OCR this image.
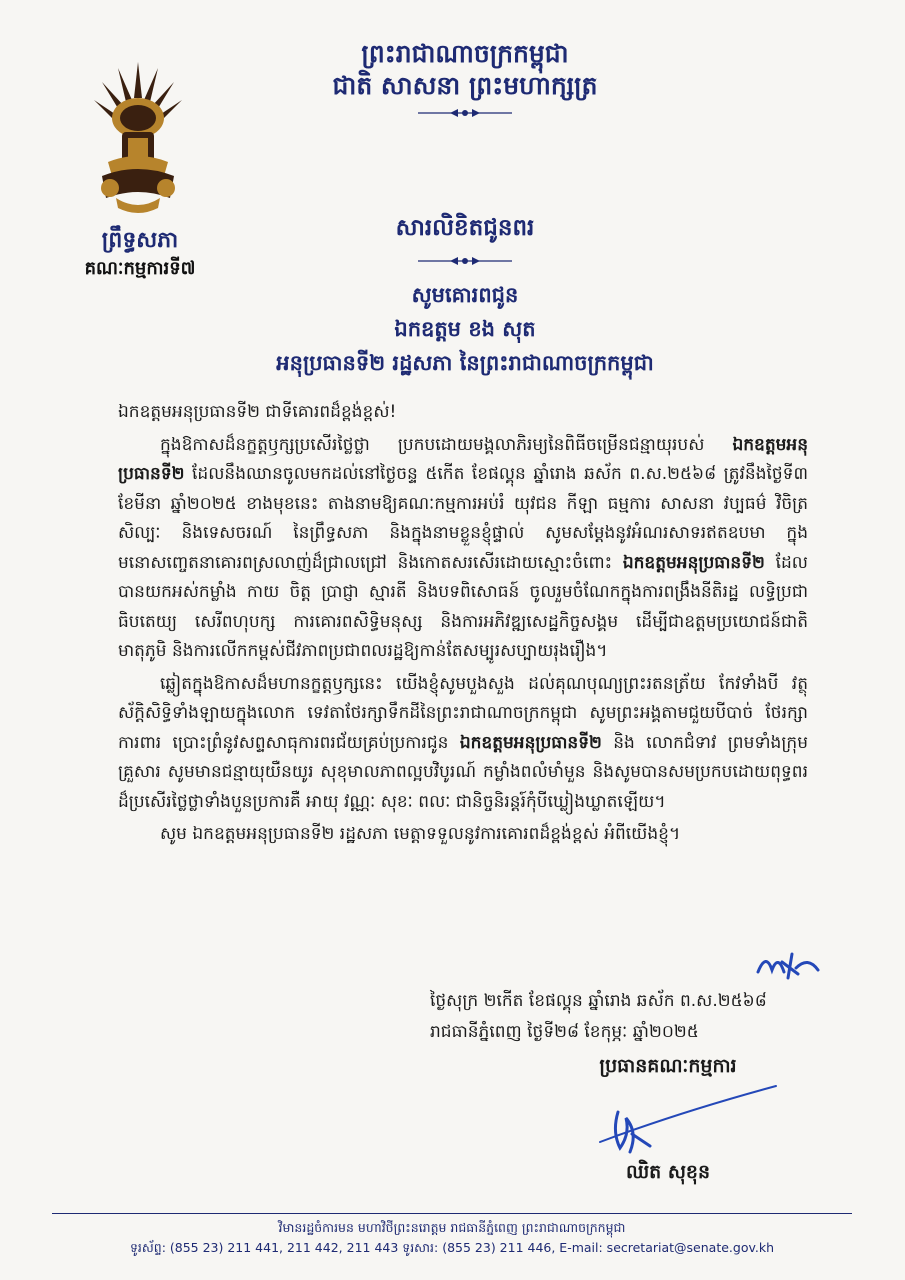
ព្រឹទ្ធសភា
គណៈកម្មការទី៧
ព្រះរាជាណាចក្រកម្ពុជា
ជាតិ សាសនា ព្រះមហាក្សត្រ
សារលិខិតជូនពរ
សូមគោរពជូន
ឯកឧត្តម ខង សុត
អនុប្រធានទី២ រដ្ឋសភា នៃព្រះរាជាណាចក្រកម្ពុជា

ឯកឧត្តមអនុប្រធានទី២ ជាទីគោរពដ៏ខ្ពង់ខ្ពស់!

ក្នុងឱកាសដ៏នក្ខត្តឫក្សប្រសើរថ្លៃថ្លា ប្រកបដោយមង្គលាភិរម្យនៃពិធីចម្រើនជន្មាយុរបស់ ឯកឧត្តមអនុប្រធានទី២ ដែលនឹងឈានចូលមកដល់នៅថ្ងៃចន្ទ ៥កើត ខែផល្គុន ឆ្នាំរោង ឆស័ក ព.ស.២៥៦៨ ត្រូវនឹងថ្ងៃទី៣ ខែមីនា ឆ្នាំ២០២៥ ខាងមុខនេះ តាងនាមឱ្យគណៈកម្មការអប់រំ យុវជន កីឡា ធម្មការ សាសនា វប្បធម៌ វិចិត្រសិល្បៈ និងទេសចរណ៍ នៃព្រឹទ្ធសភា និងក្នុងនាមខ្លួនខ្ញុំផ្ទាល់ សូមសម្តែងនូវអំណរសាទរឥតឧបមា ក្នុងមនោសញ្ចេតនាគោរពស្រលាញ់ដ៏ជ្រាលជ្រៅ និងកោតសរសើរដោយស្មោះចំពោះ ឯកឧត្តមអនុប្រធានទី២ ដែលបានយកអស់កម្លាំង កាយ ចិត្ត ប្រាជ្ញា ស្មារតី និងបទពិសោធន៍ ចូលរួមចំណែកក្នុងការពង្រឹងនីតិរដ្ឋ លទ្ធិប្រជាធិបតេយ្យ សេរីពហុបក្ស ការគោរពសិទ្ធិមនុស្ស និងការអភិវឌ្ឍសេដ្ឋកិច្ចសង្គម ដើម្បីជាឧត្តមប្រយោជន៍ជាតិ មាតុភូមិ និងការលើកកម្ពស់ជីវភាពប្រជាពលរដ្ឋឱ្យកាន់តែសម្បូរសប្បាយរុងរឿង។

ឆ្លៀតក្នុងឱកាសដ៏មហានក្ខត្តឫក្សនេះ យើងខ្ញុំសូមបួងសួង ដល់គុណបុណ្យព្រះរតនត្រ័យ កែវទាំងបី វត្ថុស័ក្តិសិទ្ធិទាំងឡាយក្នុងលោក ទេវតាថែរក្សាទឹកដីនៃព្រះរាជាណាចក្រកម្ពុជា សូមព្រះអង្គតាមជួយបីបាច់ ថែរក្សា ការពារ ប្រោះព្រំនូវសព្ទសាធុការពរជ័យគ្រប់ប្រការជូន ឯកឧត្តមអនុប្រធានទី២ និង លោកជំទាវ ព្រមទាំងក្រុមគ្រួសារ សូមមានជន្មាយុយឺនយូរ សុខុមាលភាពល្អបវិបូរណ៍ កម្លាំងពលំមាំមួន និងសូមបានសមប្រកបដោយពុទ្ធពរដ៏ប្រសើរថ្លៃថ្លាទាំងបួនប្រការគឺ អាយុ វណ្ណៈ សុខៈ ពលៈ ជានិច្ចនិរន្តរ៍កុំបីឃ្លៀងឃ្លាតឡើយ។

សូម ឯកឧត្តមអនុប្រធានទី២ រដ្ឋសភា មេត្តាទទួលនូវការគោរពដ៏ខ្ពង់ខ្ពស់ អំពីយើងខ្ញុំ។

ថ្ងៃសុក្រ ២កើត ខែផល្គុន ឆ្នាំរោង ឆស័ក ព.ស.២៥៦៨
រាជធានីភ្នំពេញ ថ្ងៃទី២៨ ខែកុម្ភៈ ឆ្នាំ២០២៥
ប្រធានគណៈកម្មការ
ឈិត សុខុន
វិមានរដ្ឋចំការមន មហាវិថីព្រះនរោត្តម រាជធានីភ្នំពេញ ព្រះរាជាណាចក្រកម្ពុជា
ទូរស័ព្ទ: (855 23) 211 441, 211 442, 211 443 ទូរសារ: (855 23) 211 446, E-mail: secretariat@senate.gov.kh
